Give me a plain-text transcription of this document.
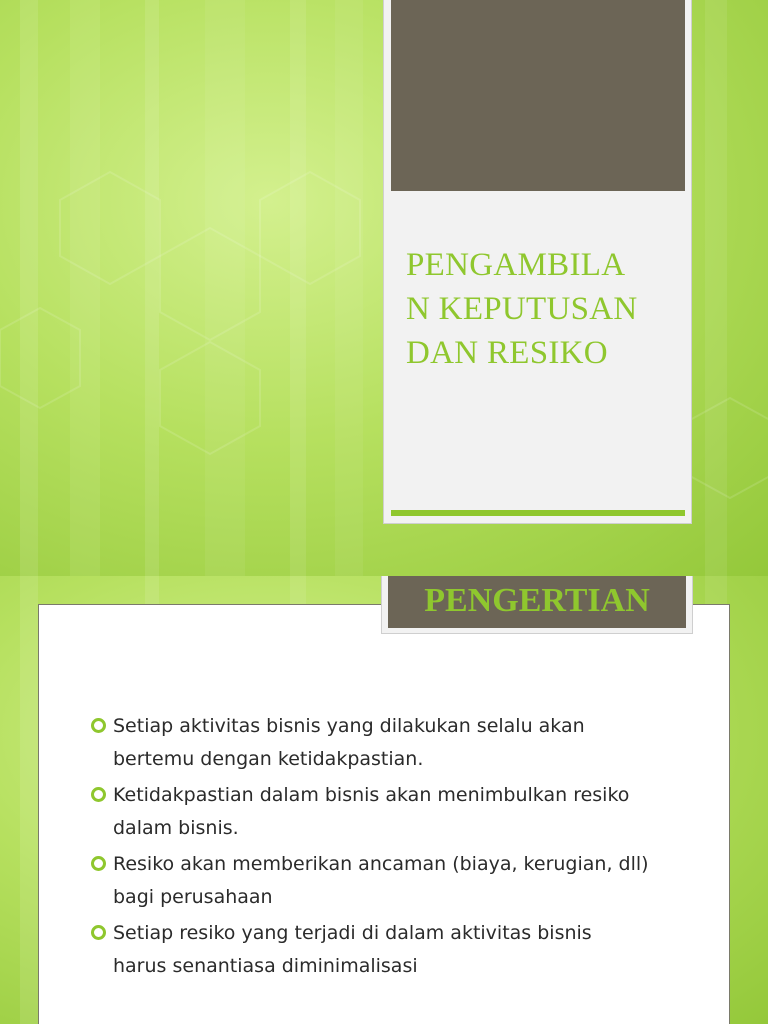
PENGAMBILA
N KEPUTUSAN
DAN RESIKO
Setiap aktivitas bisnis yang dilakukan selalu akan bertemu dengan ketidakpastian.
Ketidakpastian dalam bisnis akan menimbulkan resiko dalam bisnis.
Resiko akan memberikan ancaman (biaya, kerugian, dll) bagi perusahaan
Setiap resiko yang terjadi di dalam aktivitas bisnis harus senantiasa diminimalisasi
PENGERTIAN
